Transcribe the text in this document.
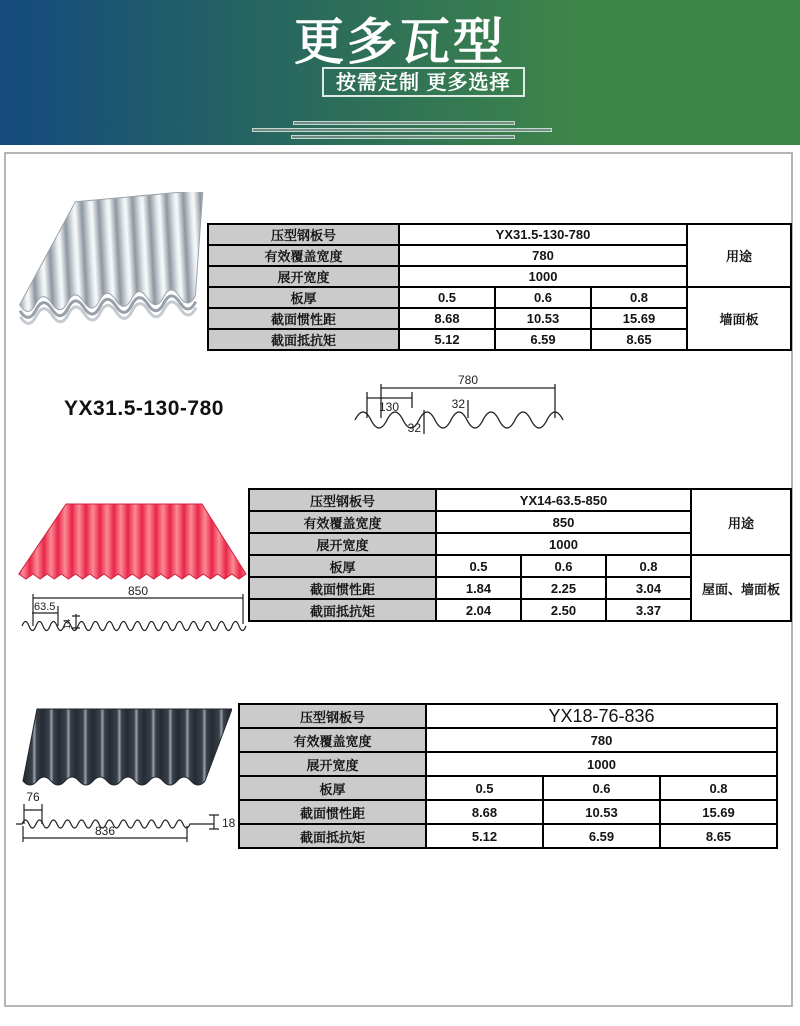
更多瓦型
按需定制 更多选择
压型钢板号	YX31.5-130-780			用途
有效覆盖宽度	780			
展开宽度	1000			
板厚	0.5	0.6	0.8	墙面板
截面惯性距	8.68	10.53	15.69	
截面抵抗矩	5.12	6.59	8.65	
YX31.5-130-780
780
130	32
32
850
63.5
14
压型钢板号	YX14-63.5-850			用途
有效覆盖宽度	850			
展开宽度	1000			
板厚	0.5	0.6	0.8	屋面、墙面板
截面惯性距	1.84	2.25	3.04	
截面抵抗矩	2.04	2.50	3.37	
76
18
836
压型钢板号	YX18-76-836		
有效覆盖宽度	780		
展开宽度	1000		
板厚	0.5	0.6	0.8
截面惯性距	8.68	10.53	15.69
截面抵抗矩	5.12	6.59	8.65
